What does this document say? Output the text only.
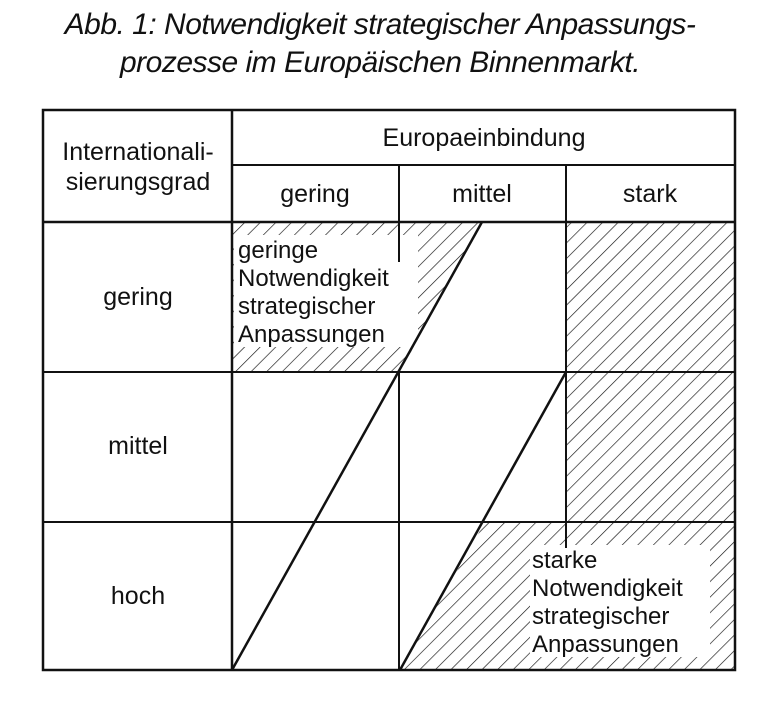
Abb. 1: Notwendigkeit strategischer Anpassungs-
prozesse im Europäischen Binnenmarkt.
Internationali-
sierungsgrad
Europaeinbindung
gering	mittel	stark
gering
mittel
hoch
geringe
Notwendigkeit
strategischer
Anpassungen
starke
Notwendigkeit
strategischer
Anpassungen
